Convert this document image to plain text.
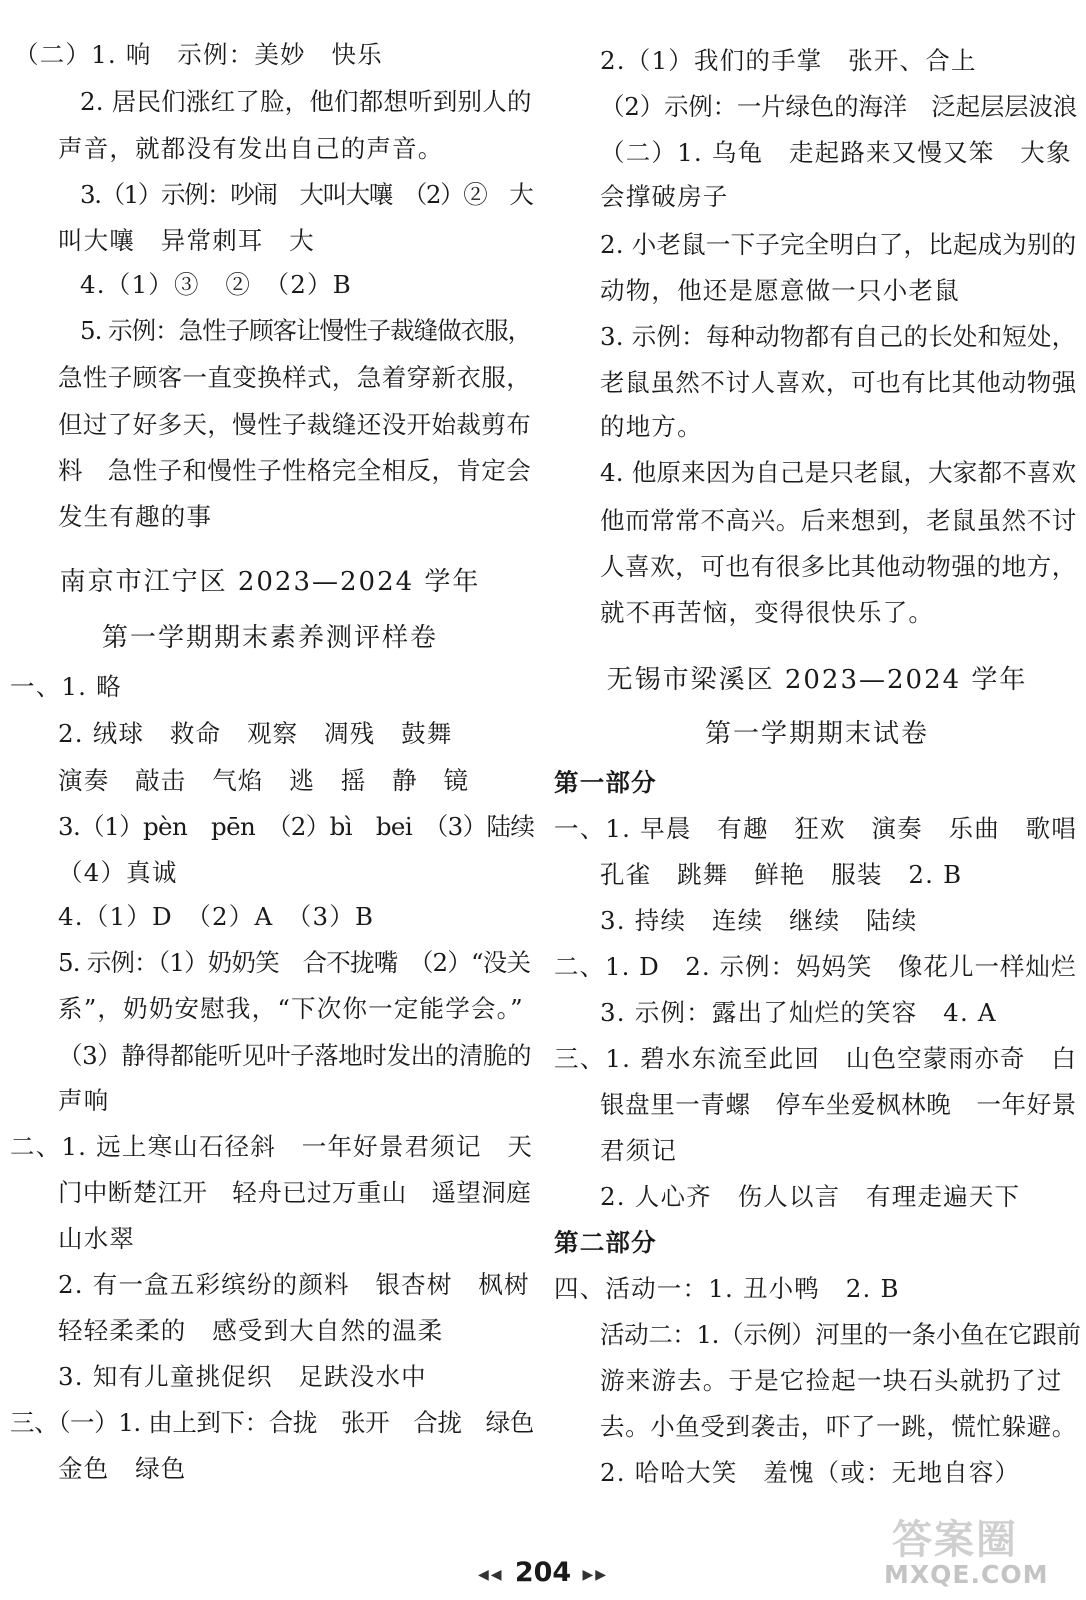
（二）1. 响　示例：美妙　快乐
2. 居民们涨红了脸，他们都想听到别人的
声音，就都没有发出自己的声音。
3.（1）示例：吵闹　大叫大嚷　（2）②　大
叫大嚷　异常刺耳　大
4.（1）③　②　（2）B
5. 示例：急性子顾客让慢性子裁缝做衣服，
急性子顾客一直变换样式，急着穿新衣服，
但过了好多天，慢性子裁缝还没开始裁剪布
料　急性子和慢性子性格完全相反，肯定会
发生有趣的事
南京市江宁区 2023—2024 学年
第一学期期末素养测评样卷
一、1. 略
2. 绒球　救命　观察　凋残　鼓舞
演奏　敲击　气焰　逃　摇　静　镜
3.（1）pèn　pēn　（2）bì　bei　（3）陆续
（4）真诚
4.（1）D　（2）A　（3）B
5. 示例：（1）奶奶笑　合不拢嘴　（2）“没关
系”，奶奶安慰我，“下次你一定能学会。”
（3）静得都能听见叶子落地时发出的清脆的
声响
二、1. 远上寒山石径斜　一年好景君须记　天
门中断楚江开　轻舟已过万重山　遥望洞庭
山水翠
2. 有一盒五彩缤纷的颜料　银杏树　枫树
轻轻柔柔的　感受到大自然的温柔
3. 知有儿童挑促织　足趺没水中
三、（一）1. 由上到下：合拢　张开　合拢　绿色
金色　绿色
2.（1）我们的手掌　张开、合上
（2）示例：一片绿色的海洋　泛起层层波浪
（二）1. 乌龟　走起路来又慢又笨　大象
会撑破房子
2. 小老鼠一下子完全明白了，比起成为别的
动物，他还是愿意做一只小老鼠
3. 示例：每种动物都有自己的长处和短处，
老鼠虽然不讨人喜欢，可也有比其他动物强
的地方。
4. 他原来因为自己是只老鼠，大家都不喜欢
他而常常不高兴。后来想到，老鼠虽然不讨
人喜欢，可也有很多比其他动物强的地方，
就不再苦恼，变得很快乐了。
无锡市梁溪区 2023—2024 学年
第一学期期末试卷
第一部分
一、1. 早晨　有趣　狂欢　演奏　乐曲　歌唱
孔雀　跳舞　鲜艳　服装　2. B
3. 持续　连续　继续　陆续
二、1. D　2. 示例：妈妈笑　像花儿一样灿烂
3. 示例：露出了灿烂的笑容　4. A
三、1. 碧水东流至此回　山色空蒙雨亦奇　白
银盘里一青螺　停车坐爱枫林晚　一年好景
君须记
2. 人心齐　伤人以言　有理走遍天下
第二部分
四、活动一：1. 丑小鸭　2. B
活动二：1.（示例）河里的一条小鱼在它跟前
游来游去。于是它捡起一块石头就扔了过
去。小鱼受到袭击，吓了一跳，慌忙躲避。
2. 哈哈大笑　羞愧（或：无地自容）
◀◀ 204 ▶▶
答案圈
MXQE.COM
